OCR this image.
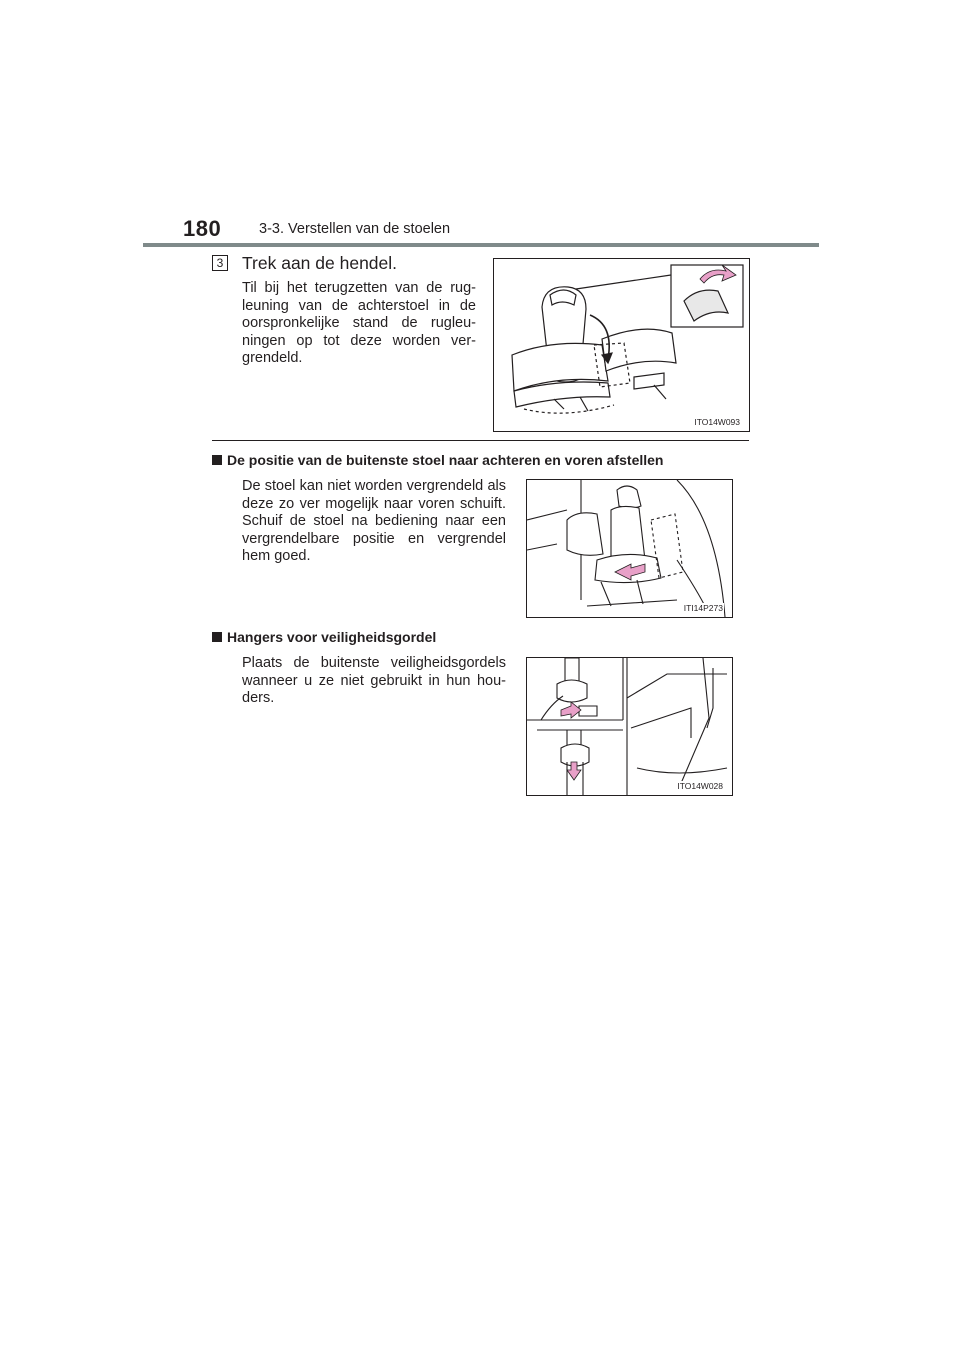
180	3-3. Verstellen van de stoelen
3 Trek aan de hendel.
Til bij het terugzetten van de rug-leuning van de achterstoel in de oorspronkelijke stand de rugleu-ningen op tot deze worden ver-grendeld.
ITO14W093
De positie van de buitenste stoel naar achteren en voren afstellen
De stoel kan niet worden vergrendeld als deze zo ver mogelijk naar voren schuift. Schuif de stoel na bediening naar een vergrendelbare positie en vergrendel hem goed.
ITI14P273
Hangers voor veiligheidsgordel
Plaats de buitenste veiligheidsgordels wanneer u ze niet gebruikt in hun hou-ders.
ITO14W028
